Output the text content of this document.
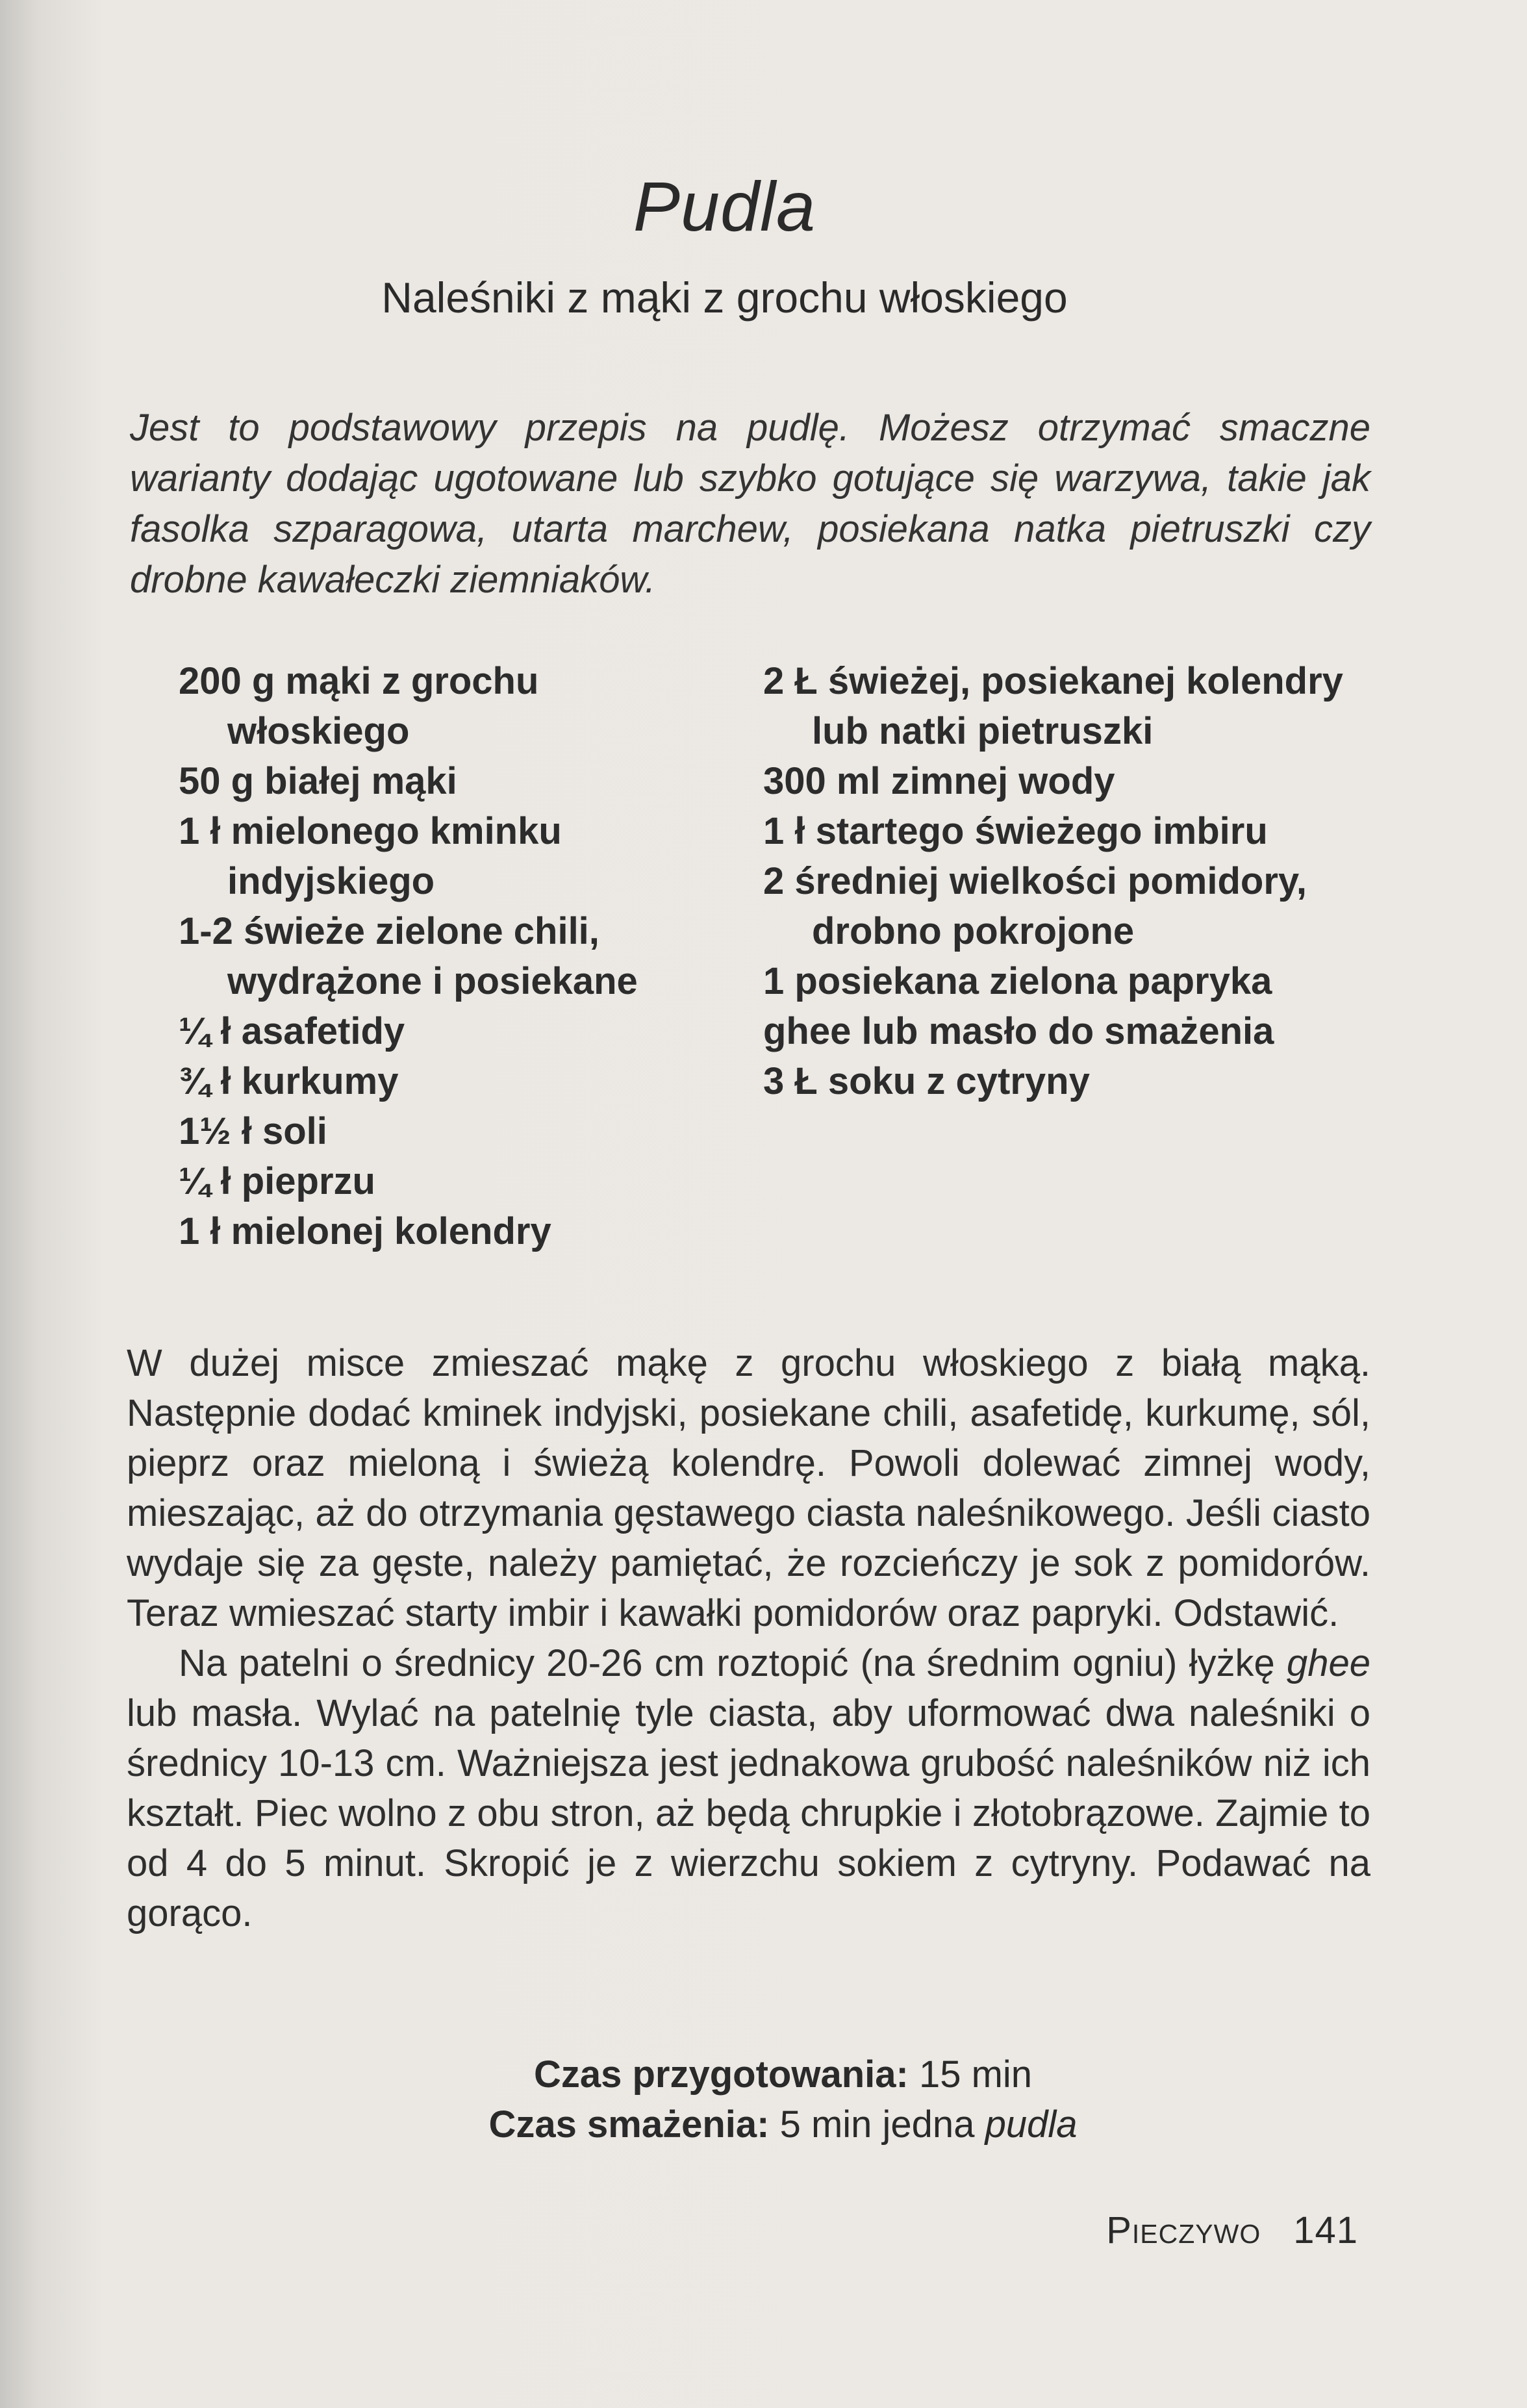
Pudla
Naleśniki z mąki z grochu włoskiego
Jest to podstawowy przepis na pudlę. Możesz otrzymać smaczne warianty dodając ugotowane lub szybko gotujące się warzywa, takie jak fasolka szparagowa, utarta marchew, posiekana natka pietruszki czy drobne kawałeczki ziemniaków.
200 g mąki z grochu włoskiego
50 g białej mąki
1 ł mielonego kminku indyjskiego
1-2 świeże zielone chili, wydrążone i posiekane
¼ ł asafetidy
¾ ł kurkumy
1½ ł soli
¼ ł pieprzu
1 ł mielonej kolendry
2 Ł świeżej, posiekanej kolendry lub natki pietruszki
300 ml zimnej wody
1 ł startego świeżego imbiru
2 średniej wielkości pomidory, drobno pokrojone
1 posiekana zielona papryka
ghee lub masło do smażenia
3 Ł soku z cytryny

W dużej misce zmieszać mąkę z grochu włoskiego z białą mąką. Następnie dodać kminek indyjski, posiekane chili, asafetidę, kurkumę, sól, pieprz oraz mieloną i świeżą kolendrę. Powoli dolewać zimnej wody, mieszając, aż do otrzymania gęstawego ciasta naleśnikowego. Jeśli ciasto wydaje się za gęste, należy pamiętać, że rozcieńczy je sok z pomidorów. Teraz wmieszać starty imbir i kawałki pomidorów oraz papryki. Odstawić.

Na patelni o średnicy 20-26 cm roztopić (na średnim ogniu) łyżkę ghee lub masła. Wylać na patelnię tyle ciasta, aby uformować dwa naleśniki o średnicy 10-13 cm. Ważniejsza jest jednakowa grubość naleśników niż ich kształt. Piec wolno z obu stron, aż będą chrupkie i złotobrązowe. Zajmie to od 4 do 5 minut. Skropić je z wierzchu sokiem z cytryny. Podawać na gorąco.

Czas przygotowania: 15 min
Czas smażenia: 5 min jedna pudla
Pieczywo 141
